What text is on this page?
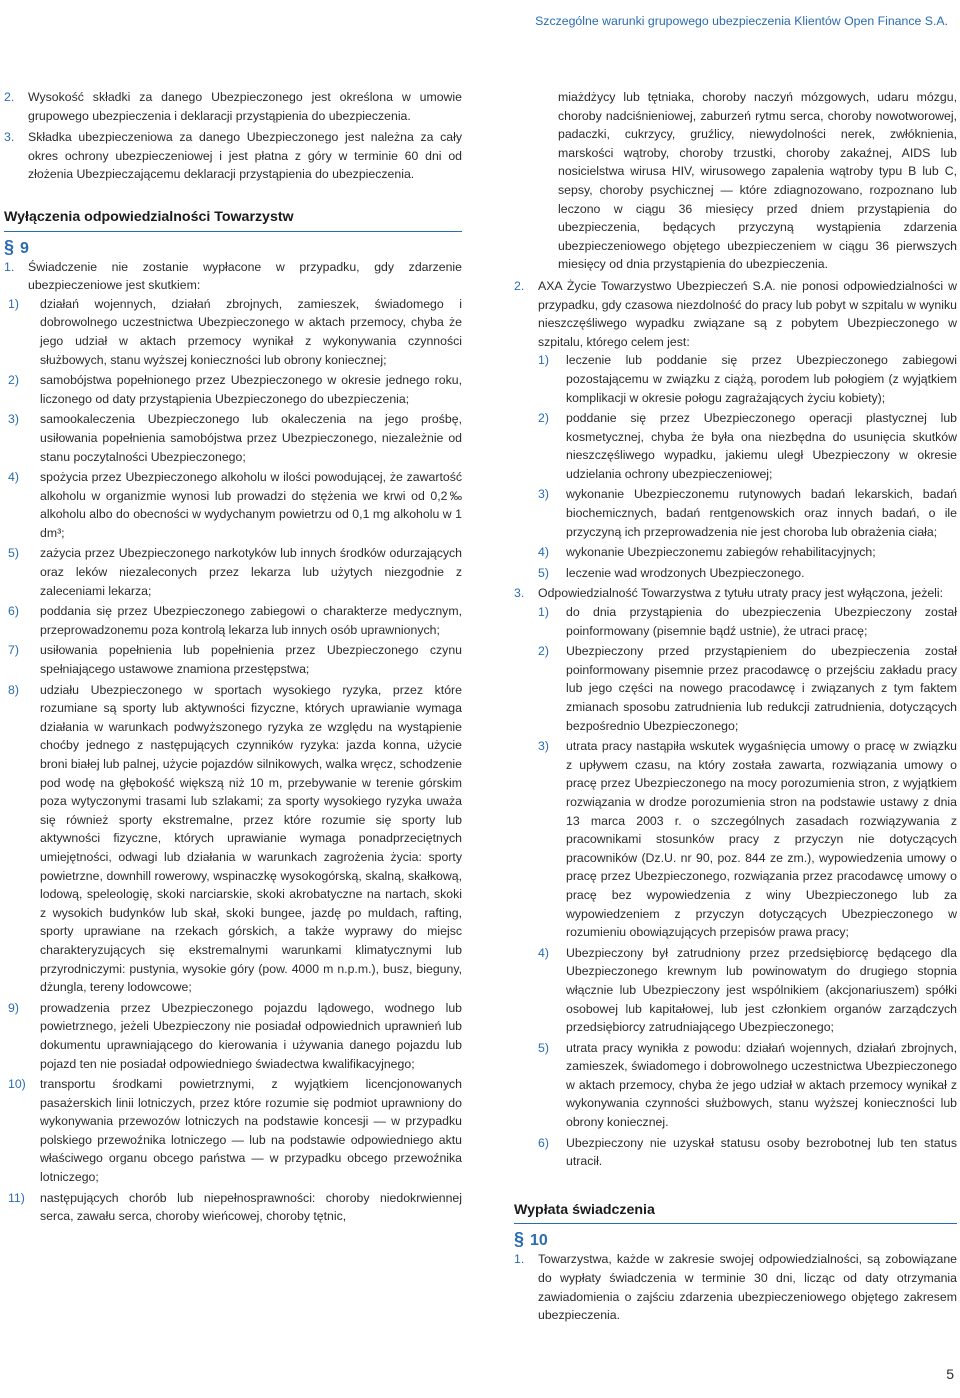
Szczególne warunki grupowego ubezpieczenia Klientów Open Finance S.A.
2.	Wysokość składki za danego Ubezpieczonego jest określona w umowie grupowego ubezpieczenia i deklaracji przystąpienia do ubezpieczenia.
3.	Składka ubezpieczeniowa za danego Ubezpieczonego jest należna za cały okres ochrony ubezpieczeniowej i jest płatna z góry w terminie 60 dni od złożenia Ubezpieczającemu deklaracji przystąpienia do ubezpieczenia.
Wyłączenia odpowiedzialności Towarzystw
§ 9
1.	Świadczenie nie zostanie wypłacone w przypadku, gdy zdarzenie ubezpieczeniowe jest skutkiem:
1)	działań wojennych, działań zbrojnych, zamieszek, świadomego i dobrowolnego uczestnictwa Ubezpieczonego w aktach przemocy, chyba że jego udział w aktach przemocy wynikał z wykonywania czynności służbowych, stanu wyższej konieczności lub obrony koniecznej;
2)	samobójstwa popełnionego przez Ubezpieczonego w okresie jednego roku, liczonego od daty przystąpienia Ubezpieczonego do ubezpieczenia;
3)	samookaleczenia Ubezpieczonego lub okaleczenia na jego prośbę, usiłowania popełnienia samobójstwa przez Ubezpieczonego, niezależnie od stanu poczytalności Ubezpieczonego;
4)	spożycia przez Ubezpieczonego alkoholu w ilości powodującej, że zawartość alkoholu w organizmie wynosi lub prowadzi do stężenia we krwi od 0,2‰ alkoholu albo do obecności w wydychanym powietrzu od 0,1 mg alkoholu w 1 dm³;
5)	zażycia przez Ubezpieczonego narkotyków lub innych środków odurzających oraz leków niezaleconych przez lekarza lub użytych niezgodnie z zaleceniami lekarza;
6)	poddania się przez Ubezpieczonego zabiegowi o charakterze medycznym, przeprowadzonemu poza kontrolą lekarza lub innych osób uprawnionych;
7)	usiłowania popełnienia lub popełnienia przez Ubezpieczonego czynu spełniającego ustawowe znamiona przestępstwa;
8)	udziału Ubezpieczonego w sportach wysokiego ryzyka, przez które rozumiane są sporty lub aktywności fizyczne, których uprawianie wymaga działania w warunkach podwyższonego ryzyka ze względu na wystąpienie choćby jednego z następujących czynników ryzyka: jazda konna, użycie broni białej lub palnej, użycie pojazdów silnikowych, walka wręcz, schodzenie pod wodę na głębokość większą niż 10 m, przebywanie w terenie górskim poza wytyczonymi trasami lub szlakami; za sporty wysokiego ryzyka uważa się również sporty ekstremalne, przez które rozumie się sporty lub aktywności fizyczne, których uprawianie wymaga ponadprzeciętnych umiejętności, odwagi lub działania w warunkach zagrożenia życia: sporty powietrzne, downhill rowerowy, wspinaczkę wysokogórską, skalną, skałkową, lodową, speleologię, skoki narciarskie, skoki akrobatyczne na nartach, skoki z wysokich budynków lub skał, skoki bungee, jazdę po muldach, rafting, sporty uprawiane na rzekach górskich, a także wyprawy do miejsc charakteryzujących się ekstremalnymi warunkami klimatycznymi lub przyrodniczymi: pustynia, wysokie góry (pow. 4000 m n.p.m.), busz, bieguny, dżungla, tereny lodowcowe;
9)	prowadzenia przez Ubezpieczonego pojazdu lądowego, wodnego lub powietrznego, jeżeli Ubezpieczony nie posiadał odpowiednich uprawnień lub dokumentu uprawniającego do kierowania i używania danego pojazdu lub pojazd ten nie posiadał odpowiedniego świadectwa kwalifikacyjnego;
10)	transportu środkami powietrznymi, z wyjątkiem licencjonowanych pasażerskich linii lotniczych, przez które rozumie się podmiot uprawniony do wykonywania przewozów lotniczych na podstawie koncesji — w przypadku polskiego przewoźnika lotniczego — lub na podstawie odpowiedniego aktu właściwego organu obcego państwa — w przypadku obcego przewoźnika lotniczego;
11)	następujących chorób lub niepełnosprawności: choroby niedokrwiennej serca, zawału serca, choroby wieńcowej, choroby tętnic,
miażdżycy lub tętniaka, choroby naczyń mózgowych, udaru mózgu, choroby nadciśnieniowej, zaburzeń rytmu serca, choroby nowotworowej, padaczki, cukrzycy, gruźlicy, niewydolności nerek, zwłóknienia, marskości wątroby, choroby trzustki, choroby zakaźnej, AIDS lub nosicielstwa wirusa HIV, wirusowego zapalenia wątroby typu B lub C, sepsy, choroby psychicznej — które zdiagnozowano, rozpoznano lub leczono w ciągu 36 miesięcy przed dniem przystąpienia do ubezpieczenia, będących przyczyną wystąpienia zdarzenia ubezpieczeniowego objętego ubezpieczeniem w ciągu 36 pierwszych miesięcy od dnia przystąpienia do ubezpieczenia.
2.	AXA Życie Towarzystwo Ubezpieczeń S.A. nie ponosi odpowiedzialności w przypadku, gdy czasowa niezdolność do pracy lub pobyt w szpitalu w wyniku nieszczęśliwego wypadku związane są z pobytem Ubezpieczonego w szpitalu, którego celem jest:
1)	leczenie lub poddanie się przez Ubezpieczonego zabiegowi pozostającemu w związku z ciążą, porodem lub połogiem (z wyjątkiem komplikacji w okresie połogu zagrażających życiu kobiety);
2)	poddanie się przez Ubezpieczonego operacji plastycznej lub kosmetycznej, chyba że była ona niezbędna do usunięcia skutków nieszczęśliwego wypadku, jakiemu uległ Ubezpieczony w okresie udzielania ochrony ubezpieczeniowej;
3)	wykonanie Ubezpieczonemu rutynowych badań lekarskich, badań biochemicznych, badań rentgenowskich oraz innych badań, o ile przyczyną ich przeprowadzenia nie jest choroba lub obrażenia ciała;
4)	wykonanie Ubezpieczonemu zabiegów rehabilitacyjnych;
5)	leczenie wad wrodzonych Ubezpieczonego.
3.	Odpowiedzialność Towarzystwa z tytułu utraty pracy jest wyłączona, jeżeli:
1)	do dnia przystąpienia do ubezpieczenia Ubezpieczony został poinformowany (pisemnie bądź ustnie), że utraci pracę;
2)	Ubezpieczony przed przystąpieniem do ubezpieczenia został poinformowany pisemnie przez pracodawcę o przejściu zakładu pracy lub jego części na nowego pracodawcę i związanych z tym faktem zmianach sposobu zatrudnienia lub redukcji zatrudnienia, dotyczących bezpośrednio Ubezpieczonego;
3)	utrata pracy nastąpiła wskutek wygaśnięcia umowy o pracę w związku z upływem czasu, na który została zawarta, rozwiązania umowy o pracę przez Ubezpieczonego na mocy porozumienia stron, z wyjątkiem rozwiązania w drodze porozumienia stron na podstawie ustawy z dnia 13 marca 2003 r. o szczególnych zasadach rozwiązywania z pracownikami stosunków pracy z przyczyn nie dotyczących pracowników (Dz.U. nr 90, poz. 844 ze zm.), wypowiedzenia umowy o pracę przez Ubezpieczonego, rozwiązania przez pracodawcę umowy o pracę bez wypowiedzenia z winy Ubezpieczonego lub za wypowiedzeniem z przyczyn dotyczących Ubezpieczonego w rozumieniu obowiązujących przepisów prawa pracy;
4)	Ubezpieczony był zatrudniony przez przedsiębiorcę będącego dla Ubezpieczonego krewnym lub powinowatym do drugiego stopnia włącznie lub Ubezpieczony jest wspólnikiem (akcjonariuszem) spółki osobowej lub kapitałowej, lub jest członkiem organów zarządczych przedsiębiorcy zatrudniającego Ubezpieczonego;
5)	utrata pracy wynikła z powodu: działań wojennych, działań zbrojnych, zamieszek, świadomego i dobrowolnego uczestnictwa Ubezpieczonego w aktach przemocy, chyba że jego udział w aktach przemocy wynikał z wykonywania czynności służbowych, stanu wyższej konieczności lub obrony koniecznej.
6)	Ubezpieczony nie uzyskał statusu osoby bezrobotnej lub ten status utracił.
Wypłata świadczenia
§ 10
1.	Towarzystwa, każde w zakresie swojej odpowiedzialności, są zobowiązane do wypłaty świadczenia w terminie 30 dni, licząc od daty otrzymania zawiadomienia o zajściu zdarzenia ubezpieczeniowego objętego zakresem ubezpieczenia.
5
